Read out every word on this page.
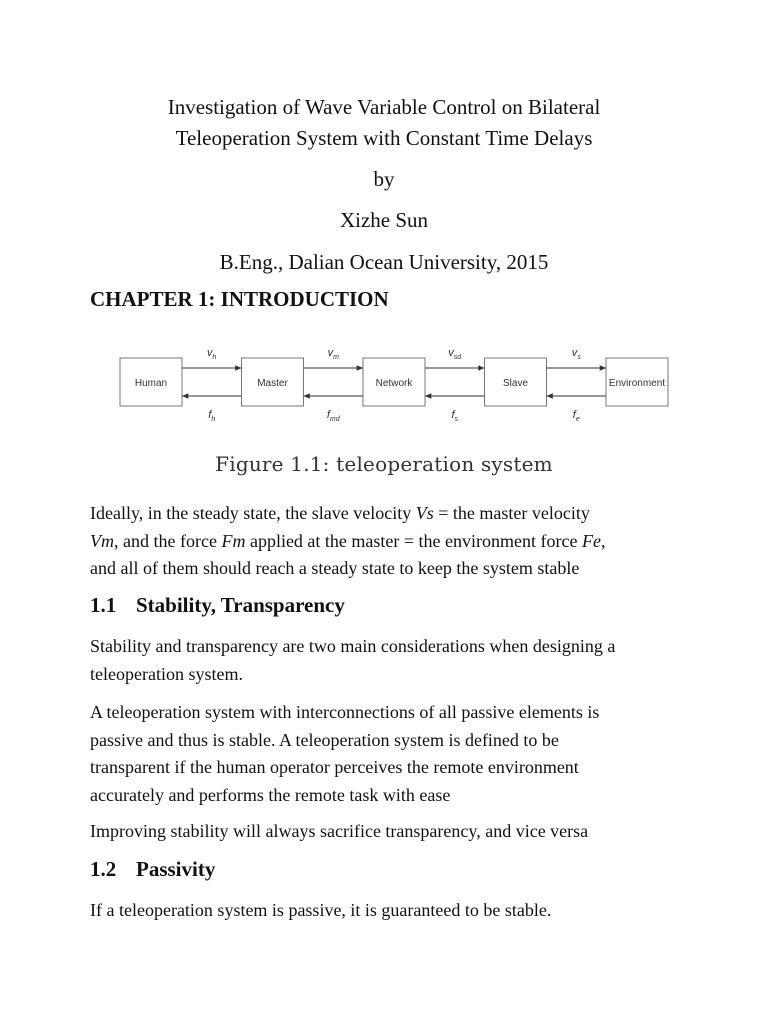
Investigation of Wave Variable Control on Bilateral
Teleoperation System with Constant Time Delays
by
Xizhe Sun
B.Eng., Dalian Ocean University, 2015
CHAPTER 1: INTRODUCTION
Human	Master	Network	Slave	Environment
$v_h$
$f_h$
$v_m$
$f_{md}$
$v_{sd}$
$f_s$
$v_s$
$f_e$
Figure 1.1: teleoperation system
Ideally, in the steady state, the slave velocity Vs = the master velocity
Vm, and the force Fm applied at the master = the environment force Fe,
and all of them should reach a steady state to keep the system stable
1.1 Stability, Transparency
Stability and transparency are two main considerations when designing a
teleoperation system.
A teleoperation system with interconnections of all passive elements is
passive and thus is stable. A teleoperation system is defined to be
transparent if the human operator perceives the remote environment
accurately and performs the remote task with ease
Improving stability will always sacrifice transparency, and vice versa
1.2 Passivity
If a teleoperation system is passive, it is guaranteed to be stable.
